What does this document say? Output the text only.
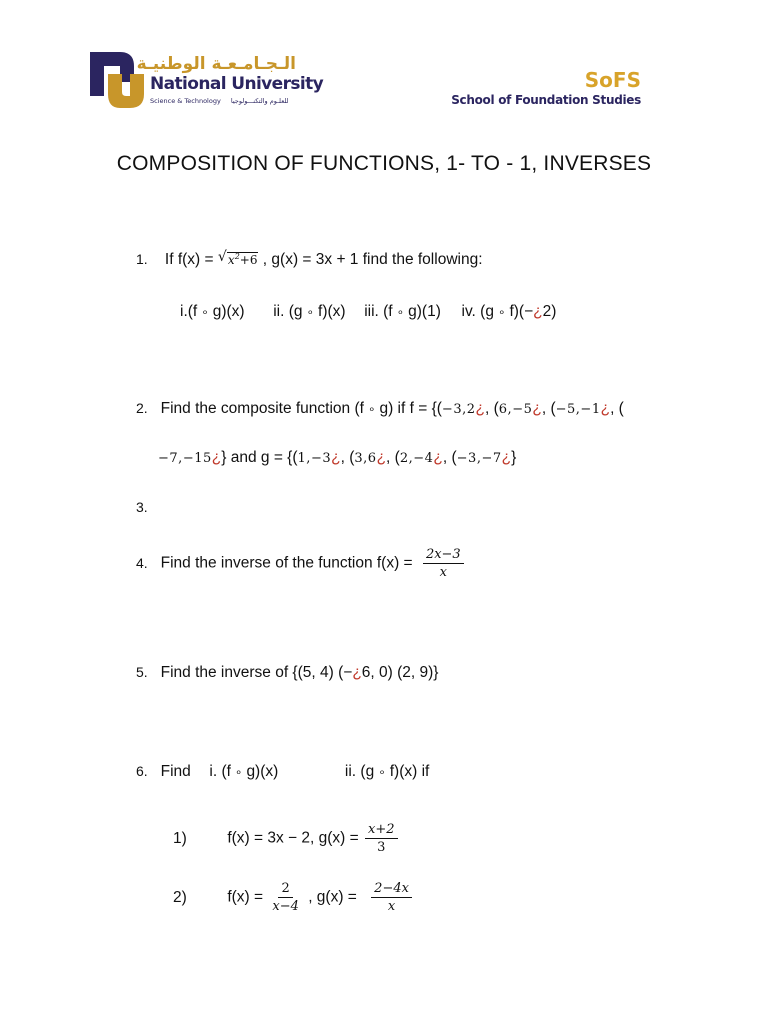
الـجـامـعـة الوطنيـة
National University
Science & Technology للعلـوم والتكنـــولوجيا
SoFS
School of Foundation Studies
COMPOSITION OF FUNCTIONS, 1- TO - 1, INVERSES
1. If f(x) = √ $x^2+6$ , g(x) = 3x + 1 find the following:
i.(f ∘ g)(x) ii. (g ∘ f)(x) iii. (f ∘ g)(1) iv. (g ∘ f)(−¿2)
2. Find the composite function (f ∘ g) if f = {(−3,2¿, (6,−5¿, (−5,−1¿, (
−7,−15¿} and g = {(1,−3¿, (3,6¿, (2,−4¿, (−3,−7¿}
3.
4. Find the inverse of the function $f(x) = \frac{2x-3}{x}$
5. Find the inverse of {(5, 4) (−¿6, 0) (2, 9)}
6. Find i. (f ∘ g)(x)	ii. (g ∘ f)(x) if
1)	f(x) = 3x − 2, $g(x) = \frac{x+2}{3}$
2)	$f(x) = \frac{2}{x-4}$ , $g(x) = \frac{2-4x}{x}$
